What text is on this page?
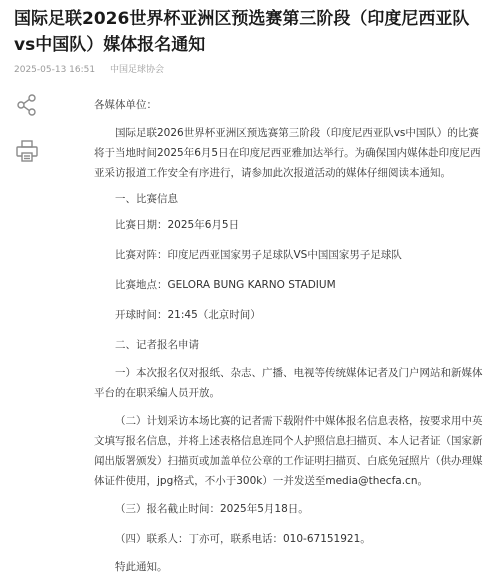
国际足联2026世界杯亚洲区预选赛第三阶段（印度尼西亚队vs中国队）媒体报名通知
2025-05-13 16:51 中国足球协会

各媒体单位：

国际足联2026世界杯亚洲区预选赛第三阶段（印度尼西亚队vs中国队）的比赛将于当地时间2025年6月5日在印度尼西亚雅加达举行。为确保国内媒体赴印度尼西亚采访报道工作安全有序进行，请参加此次报道活动的媒体仔细阅读本通知。

一、比赛信息

比赛日期：2025年6月5日

比赛对阵：印度尼西亚国家男子足球队VS中国国家男子足球队

比赛地点：GELORA BUNG KARNO STADIUM

开球时间：21:45（北京时间）

二、记者报名申请

一）本次报名仅对报纸、杂志、广播、电视等传统媒体记者及门户网站和新媒体平台的在职采编人员开放。

（二）计划采访本场比赛的记者需下载附件中媒体报名信息表格，按要求用中英文填写报名信息，并将上述表格信息连同个人护照信息扫描页、本人记者证（国家新闻出版署颁发）扫描页或加盖单位公章的工作证明扫描页、白底免冠照片（供办理媒体证件使用，jpg格式，不小于300k）一并发送至media@thecfa.cn。

（三）报名截止时间：2025年5月18日。

（四）联系人：丁亦可，联系电话：010-67151921。

特此通知。
